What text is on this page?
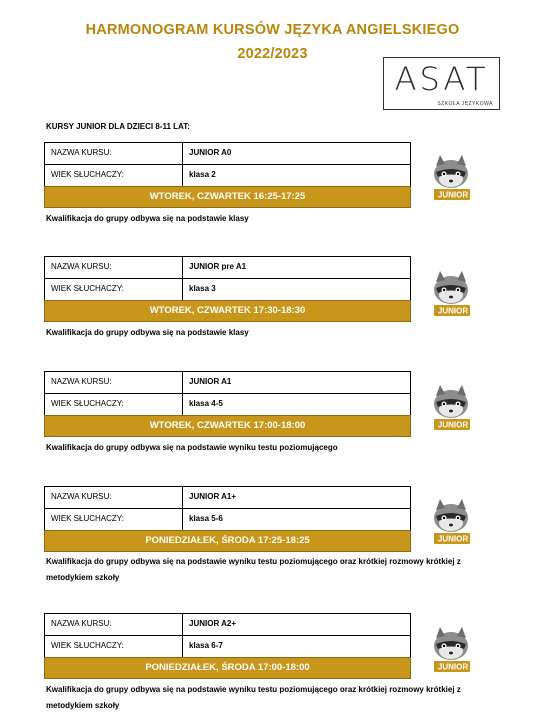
HARMONOGRAM KURSÓW JĘZYKA ANGIELSKIEGO
2022/2023
ASAT
SZKOŁA JĘZYKOWA
KURSY JUNIOR DLA DZIECI 8-11 LAT:
NAZWA KURSU:	JUNIOR A0
WIEK SŁUCHACZY:	klasa 2
WTOREK, CZWARTEK 16:25-17:25
Kwalifikacja do grupy odbywa się na podstawie klasy
NAZWA KURSU:	JUNIOR pre A1
WIEK SŁUCHACZY:	klasa 3
WTOREK, CZWARTEK 17:30-18:30
Kwalifikacja do grupy odbywa się na podstawie klasy
NAZWA KURSU:	JUNIOR A1
WIEK SŁUCHACZY:	klasa 4-5
WTOREK, CZWARTEK 17:00-18:00
Kwalifikacja do grupy odbywa się na podstawie wyniku testu poziomującego
NAZWA KURSU:	JUNIOR A1+
WIEK SŁUCHACZY:	klasa 5-6
PONIEDZIAŁEK, ŚRODA 17:25-18:25
Kwalifikacja do grupy odbywa się na podstawie wyniku testu poziomującego oraz krótkiej rozmowy krótkiej z metodykiem szkoły
NAZWA KURSU:	JUNIOR A2+
WIEK SŁUCHACZY:	klasa 6-7
PONIEDZIAŁEK, ŚRODA 17:00-18:00
Kwalifikacja do grupy odbywa się na podstawie wyniku testu poziomującego oraz krótkiej rozmowy krótkiej z metodykiem szkoły
JUNIOR
JUNIOR
JUNIOR
JUNIOR
JUNIOR
